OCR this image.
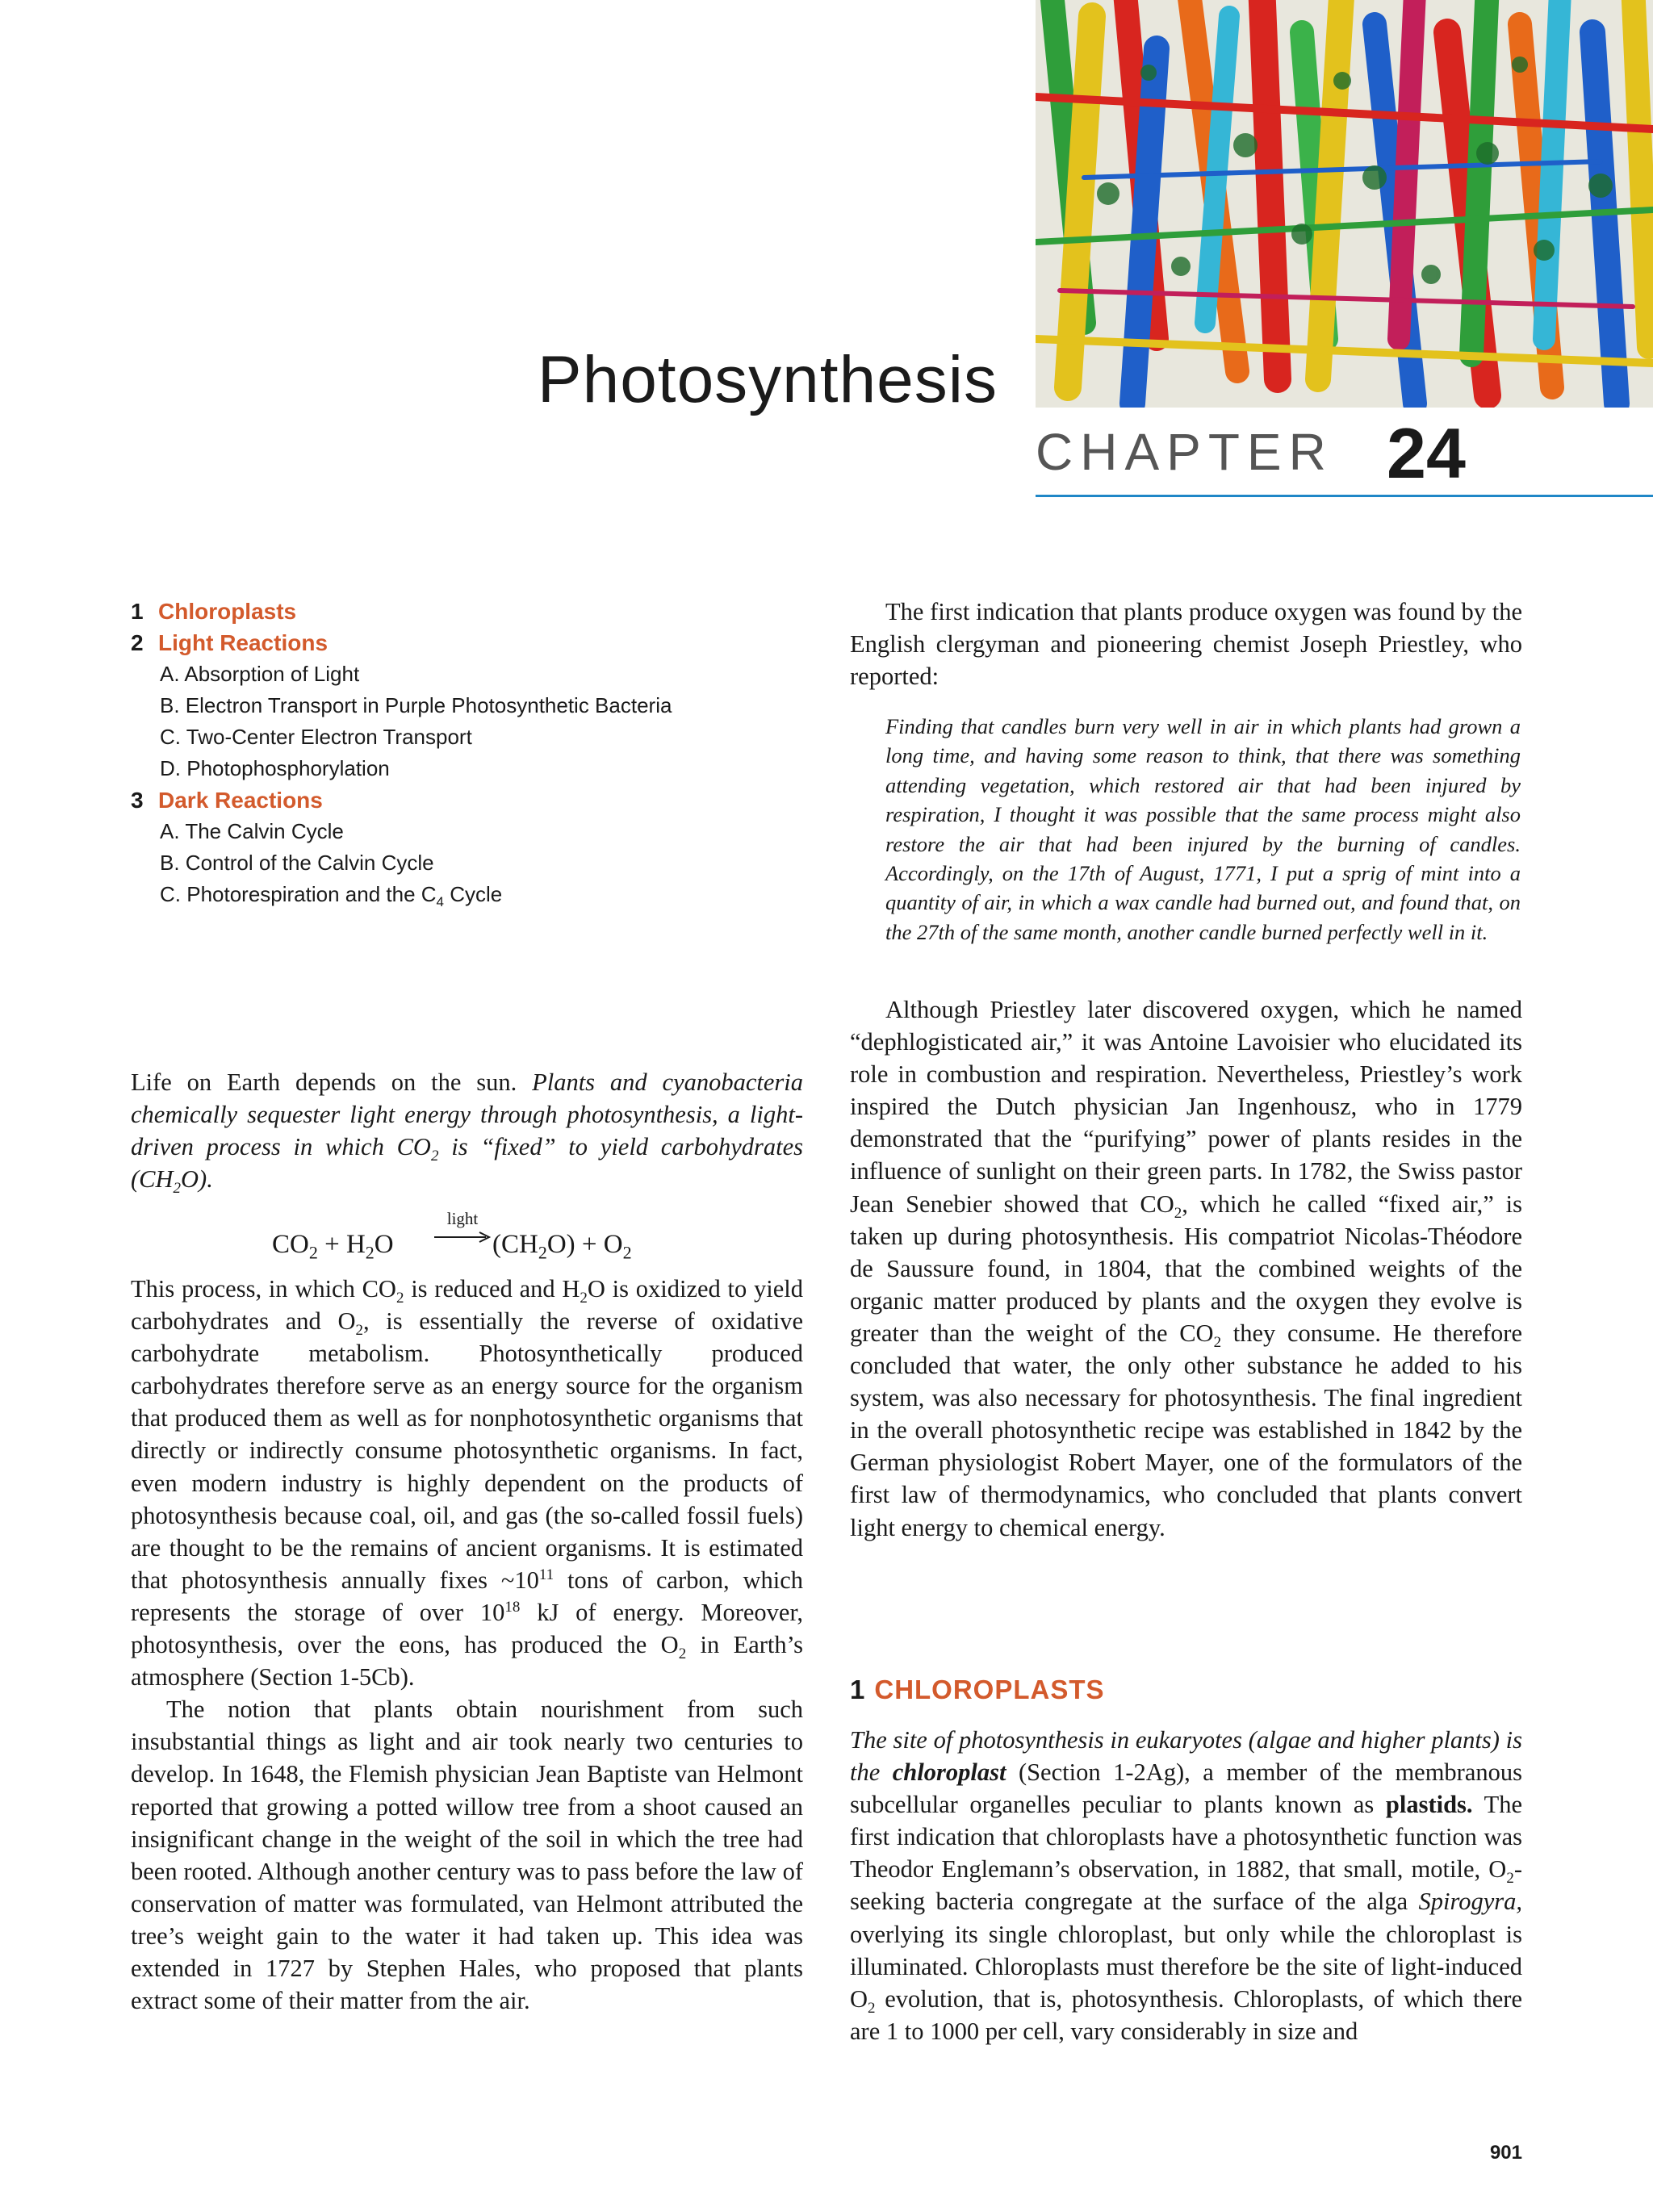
Photosynthesis
CHAPTER 24
1 Chloroplasts
2 Light Reactions
A. Absorption of Light
B. Electron Transport in Purple Photosynthetic Bacteria
C. Two-Center Electron Transport
D. Photophosphorylation
3 Dark Reactions
A. The Calvin Cycle
B. Control of the Calvin Cycle
C. Photorespiration and the $C_4$ Cycle

Life on Earth depends on the sun. Plants and cyanobacteria chemically sequester light energy through photosynthesis, a light-driven process in which $CO_2$ is “fixed” to yield carbohydrates $(CH_2O)$.

$CO_2 + H_2O$
light
$(CH_2O) + O_2$

This process, in which $CO_2$ is reduced and $H_2O$ is oxidized to yield carbohydrates and $O_2$, is essentially the reverse of oxidative carbohydrate metabolism. Photosynthetically produced carbohydrates therefore serve as an energy source for the organism that produced them as well as for nonphotosynthetic organisms that directly or indirectly consume photosynthetic organisms. In fact, even modern industry is highly dependent on the products of photosynthesis because coal, oil, and gas (the so-called fossil fuels) are thought to be the remains of ancient organisms. It is estimated that photosynthesis annually fixes $\sim 10^{11}$ tons of carbon, which represents the storage of over $10^{18}$ kJ of energy. Moreover, photosynthesis, over the eons, has produced the $O_2$ in Earth’s atmosphere (Section 1-5Cb).

The notion that plants obtain nourishment from such insubstantial things as light and air took nearly two centuries to develop. In 1648, the Flemish physician Jean Baptiste van Helmont reported that growing a potted willow tree from a shoot caused an insignificant change in the weight of the soil in which the tree had been rooted. Although another century was to pass before the law of conservation of matter was formulated, van Helmont attributed the tree’s weight gain to the water it had taken up. This idea was extended in 1727 by Stephen Hales, who proposed that plants extract some of their matter from the air.

The first indication that plants produce oxygen was found by the English clergyman and pioneering chemist Joseph Priestley, who reported:

Finding that candles burn very well in air in which plants had grown a long time, and having some reason to think, that there was something attending vegetation, which restored air that had been injured by respiration, I thought it was possible that the same process might also restore the air that had been injured by the burning of candles. Accordingly, on the 17th of August, 1771, I put a sprig of mint into a quantity of air, in which a wax candle had burned out, and found that, on the 27th of the same month, another candle burned perfectly well in it.

Although Priestley later discovered oxygen, which he named “dephlogisticated air,” it was Antoine Lavoisier who elucidated its role in combustion and respiration. Nevertheless, Priestley’s work inspired the Dutch physician Jan Ingenhousz, who in 1779 demonstrated that the “purifying” power of plants resides in the influence of sunlight on their green parts. In 1782, the Swiss pastor Jean Senebier showed that $CO_2$, which he called “fixed air,” is taken up during photosynthesis. His compatriot Nicolas-Théodore de Saussure found, in 1804, that the combined weights of the organic matter produced by plants and the oxygen they evolve is greater than the weight of the $CO_2$ they consume. He therefore concluded that water, the only other substance he added to his system, was also necessary for photosynthesis. The final ingredient in the overall photosynthetic recipe was established in 1842 by the German physiologist Robert Mayer, one of the formulators of the first law of thermodynamics, who concluded that plants convert light energy to chemical energy.

1 CHLOROPLASTS

The site of photosynthesis in eukaryotes (algae and higher plants) is the chloroplast (Section 1-2Ag), a member of the membranous subcellular organelles peculiar to plants known as plastids. The first indication that chloroplasts have a photosynthetic function was Theodor Englemann’s observation, in 1882, that small, motile, $O_2$-seeking bacteria congregate at the surface of the alga Spirogyra, overlying its single chloroplast, but only while the chloroplast is illuminated. Chloroplasts must therefore be the site of light-induced $O_2$ evolution, that is, photosynthesis. Chloroplasts, of which there are 1 to 1000 per cell, vary considerably in size and

901
